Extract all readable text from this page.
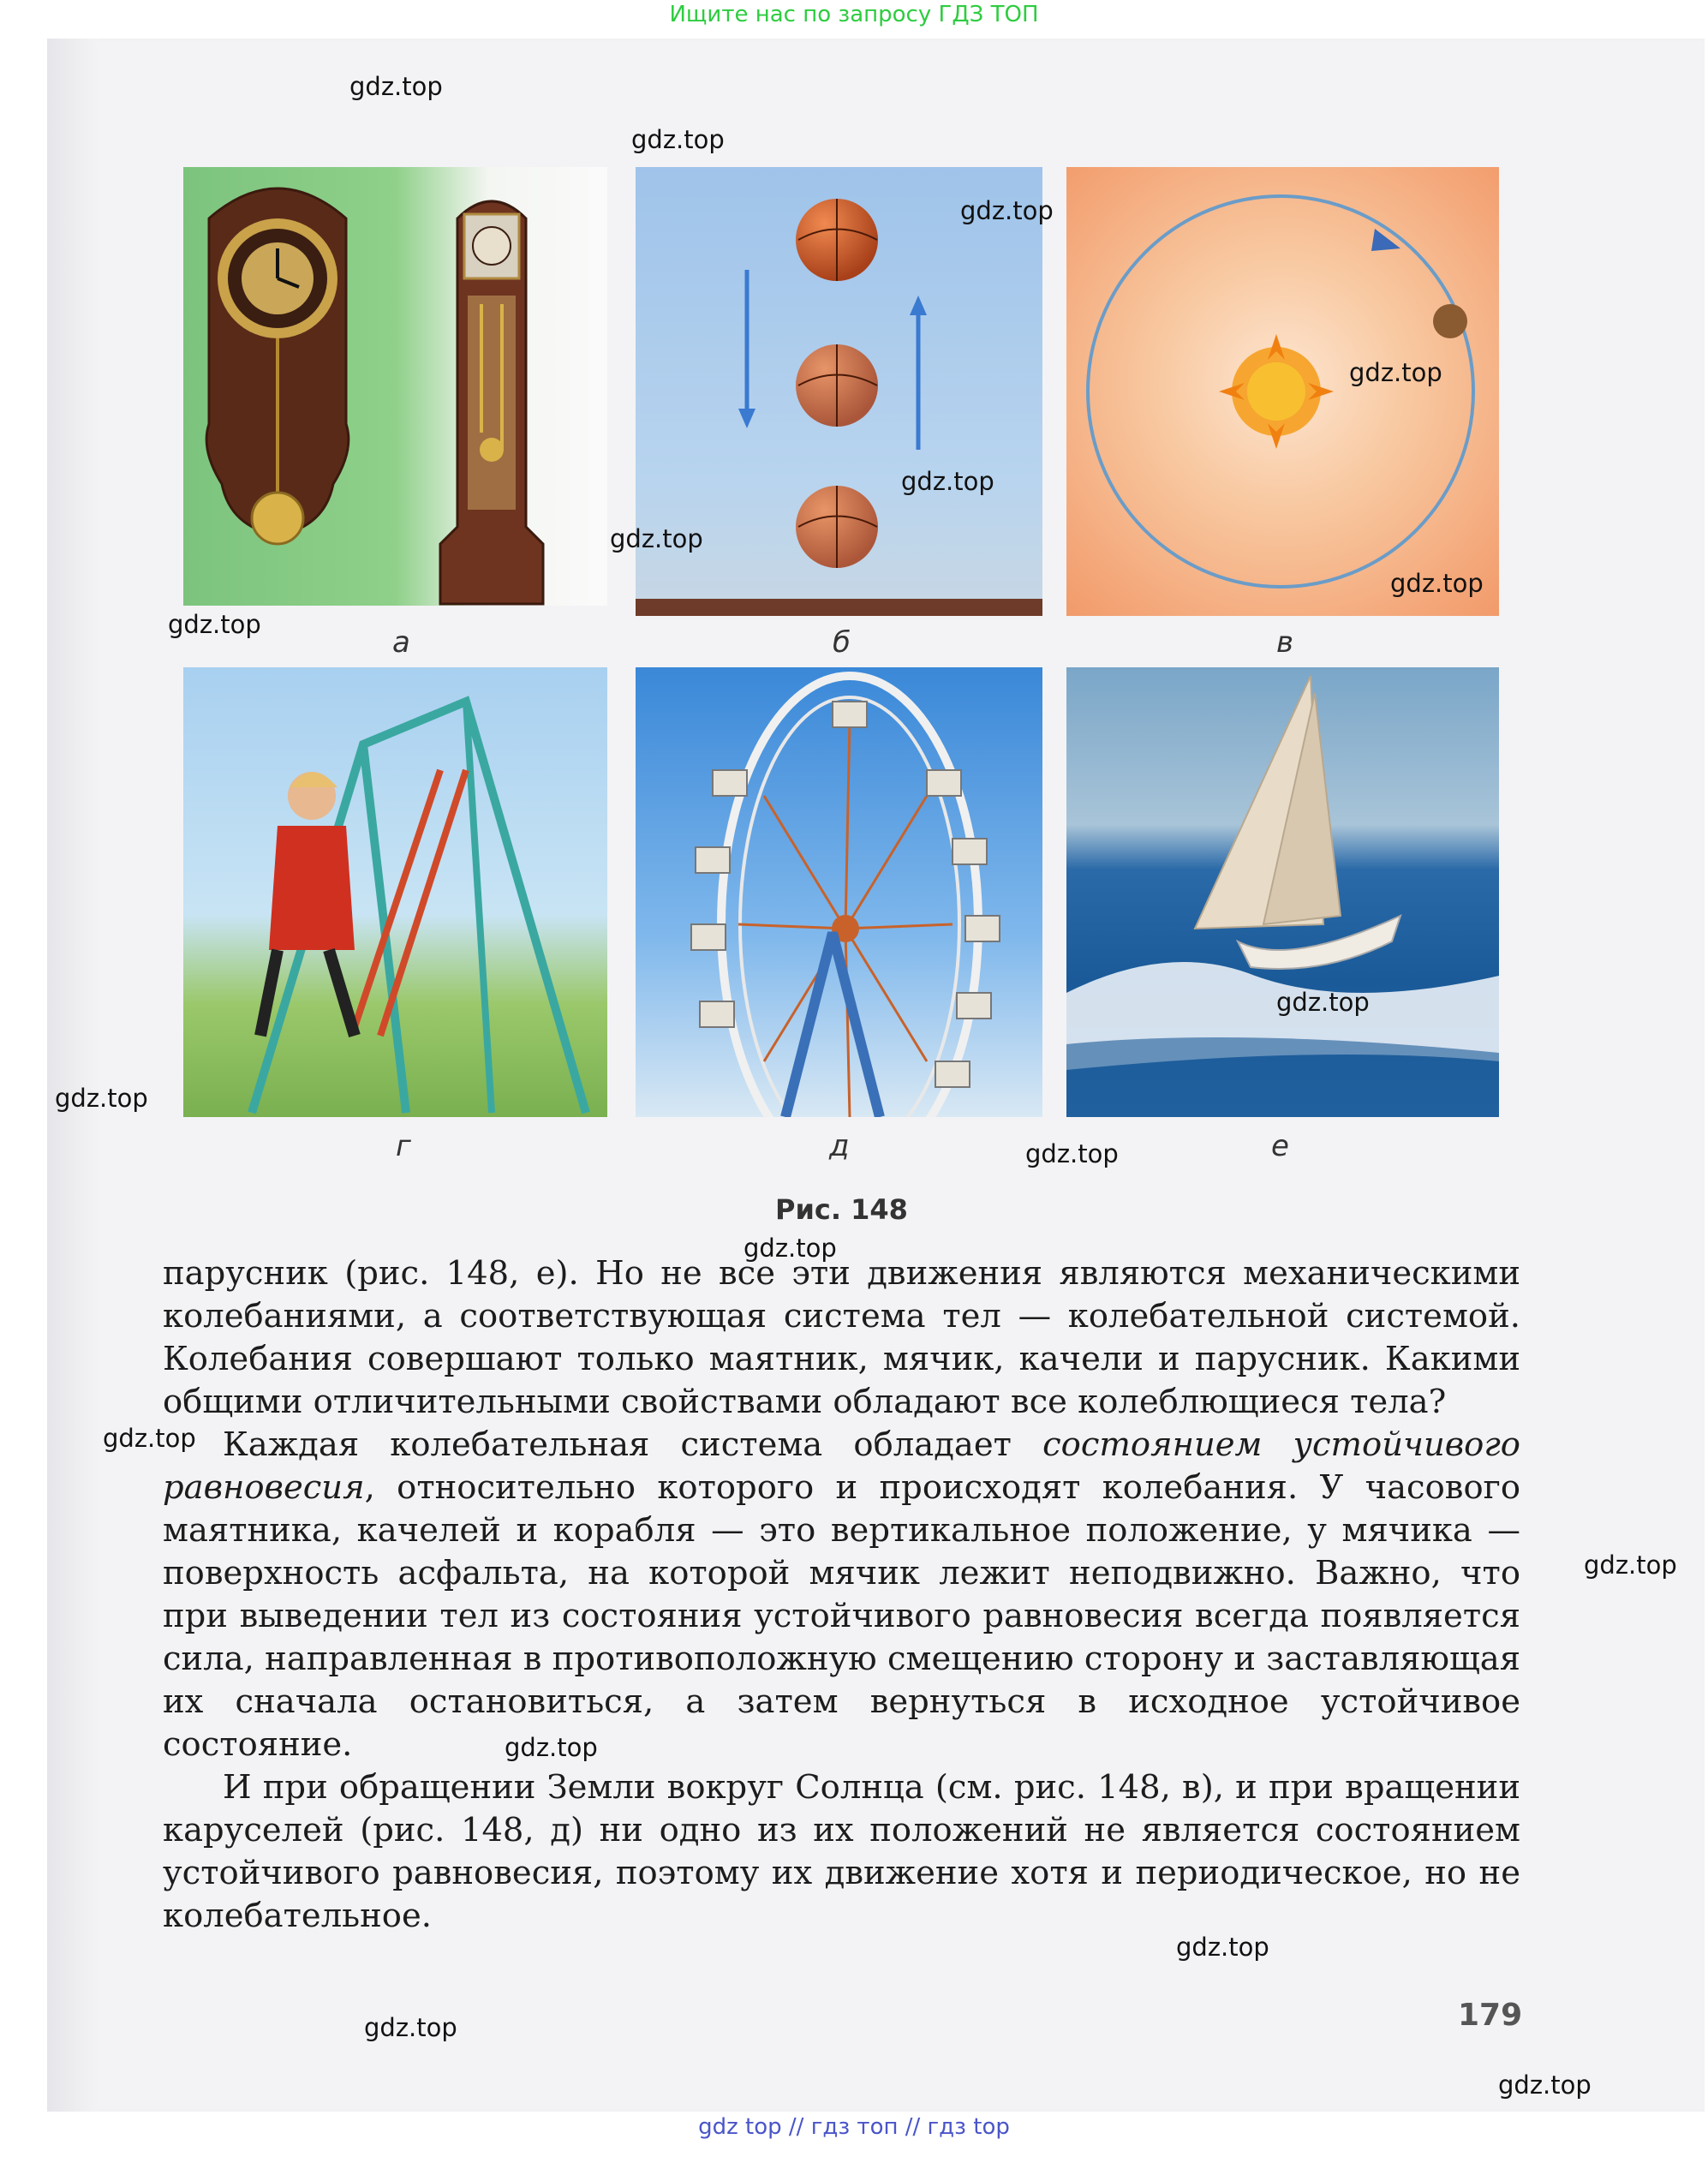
Ищите нас по запросу ГДЗ ТОП
а	б	в
г	д	е
Рис. 148

парусник (рис. 148, е). Но не все эти движения являются механическими колебаниями, а соответствующая система тел — колебательной системой. Колебания совершают только маятник, мячик, качели и парусник. Какими общими отличительными свойствами обладают все колеблющиеся тела?

Каждая колебательная система обладает состоянием устойчивого равновесия, относительно которого и происходят колебания. У часового маятника, качелей и корабля — это вертикальное положение, у мячика — поверхность асфальта, на которой мячик лежит неподвижно. Важно, что при выведении тел из состояния устойчивого равновесия всегда появляется сила, направленная в противоположную смещению сторону и заставляющая их сначала остановиться, а затем вернуться в исходное устойчивое состояние.

И при обращении Земли вокруг Солнца (см. рис. 148, в), и при вращении каруселей (рис. 148, д) ни одно из их положений не является состоянием устойчивого равновесия, поэтому их движение хотя и периодическое, но не колебательное.

179
gdz.top
gdz.top
gdz.top
gdz.top
gdz.top
gdz.top
gdz.top
gdz.top
gdz.top
gdz.top
gdz.top
gdz.top
gdz.top
gdz.top
gdz.top
gdz.top
gdz.top
gdz.top
gdz top // гдз топ // гдз top
